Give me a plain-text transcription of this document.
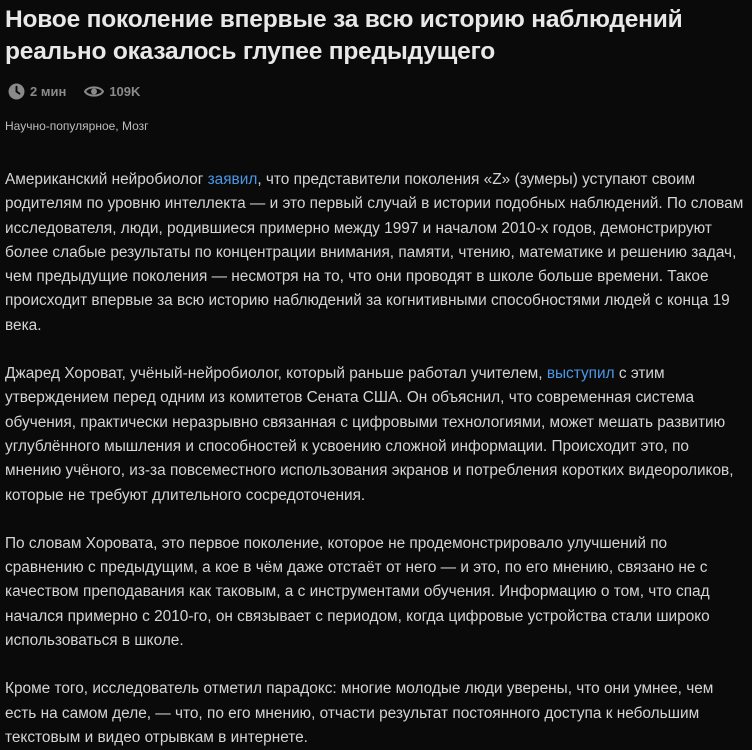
Новое поколение впервые за всю историю наблюдений реально оказалось глупее предыдущего
2 мин	109K
Научно-популярное, Мозг

Американский нейробиолог заявил, что представители поколения «Z» (зумеры) уступают своим родителям по уровню интеллекта — и это первый случай в истории подобных наблюдений. По словам исследователя, люди, родившиеся примерно между 1997 и началом 2010-х годов, демонстрируют более слабые результаты по концентрации внимания, памяти, чтению, математике и решению задач, чем предыдущие поколения — несмотря на то, что они проводят в школе больше времени. Такое происходит впервые за всю историю наблюдений за когнитивными способностями людей с конца 19 века.

Джаред Хороват, учёный-нейробиолог, который раньше работал учителем, выступил с этим утверждением перед одним из комитетов Сената США. Он объяснил, что современная система обучения, практически неразрывно связанная с цифровыми технологиями, может мешать развитию углублённого мышления и способностей к усвоению сложной информации. Происходит это, по мнению учёного, из-за повсеместного использования экранов и потребления коротких видеороликов, которые не требуют длительного сосредоточения.

По словам Хоровата, это первое поколение, которое не продемонстрировало улучшений по сравнению с предыдущим, а кое в чём даже отстаёт от него — и это, по его мнению, связано не с качеством преподавания как таковым, а с инструментами обучения. Информацию о том, что спад начался примерно с 2010-го, он связывает с периодом, когда цифровые устройства стали широко использоваться в школе.

Кроме того, исследователь отметил парадокс: многие молодые люди уверены, что они умнее, чем есть на самом деле, — что, по его мнению, отчасти результат постоянного доступа к небольшим текстовым и видео отрывкам в интернете.
